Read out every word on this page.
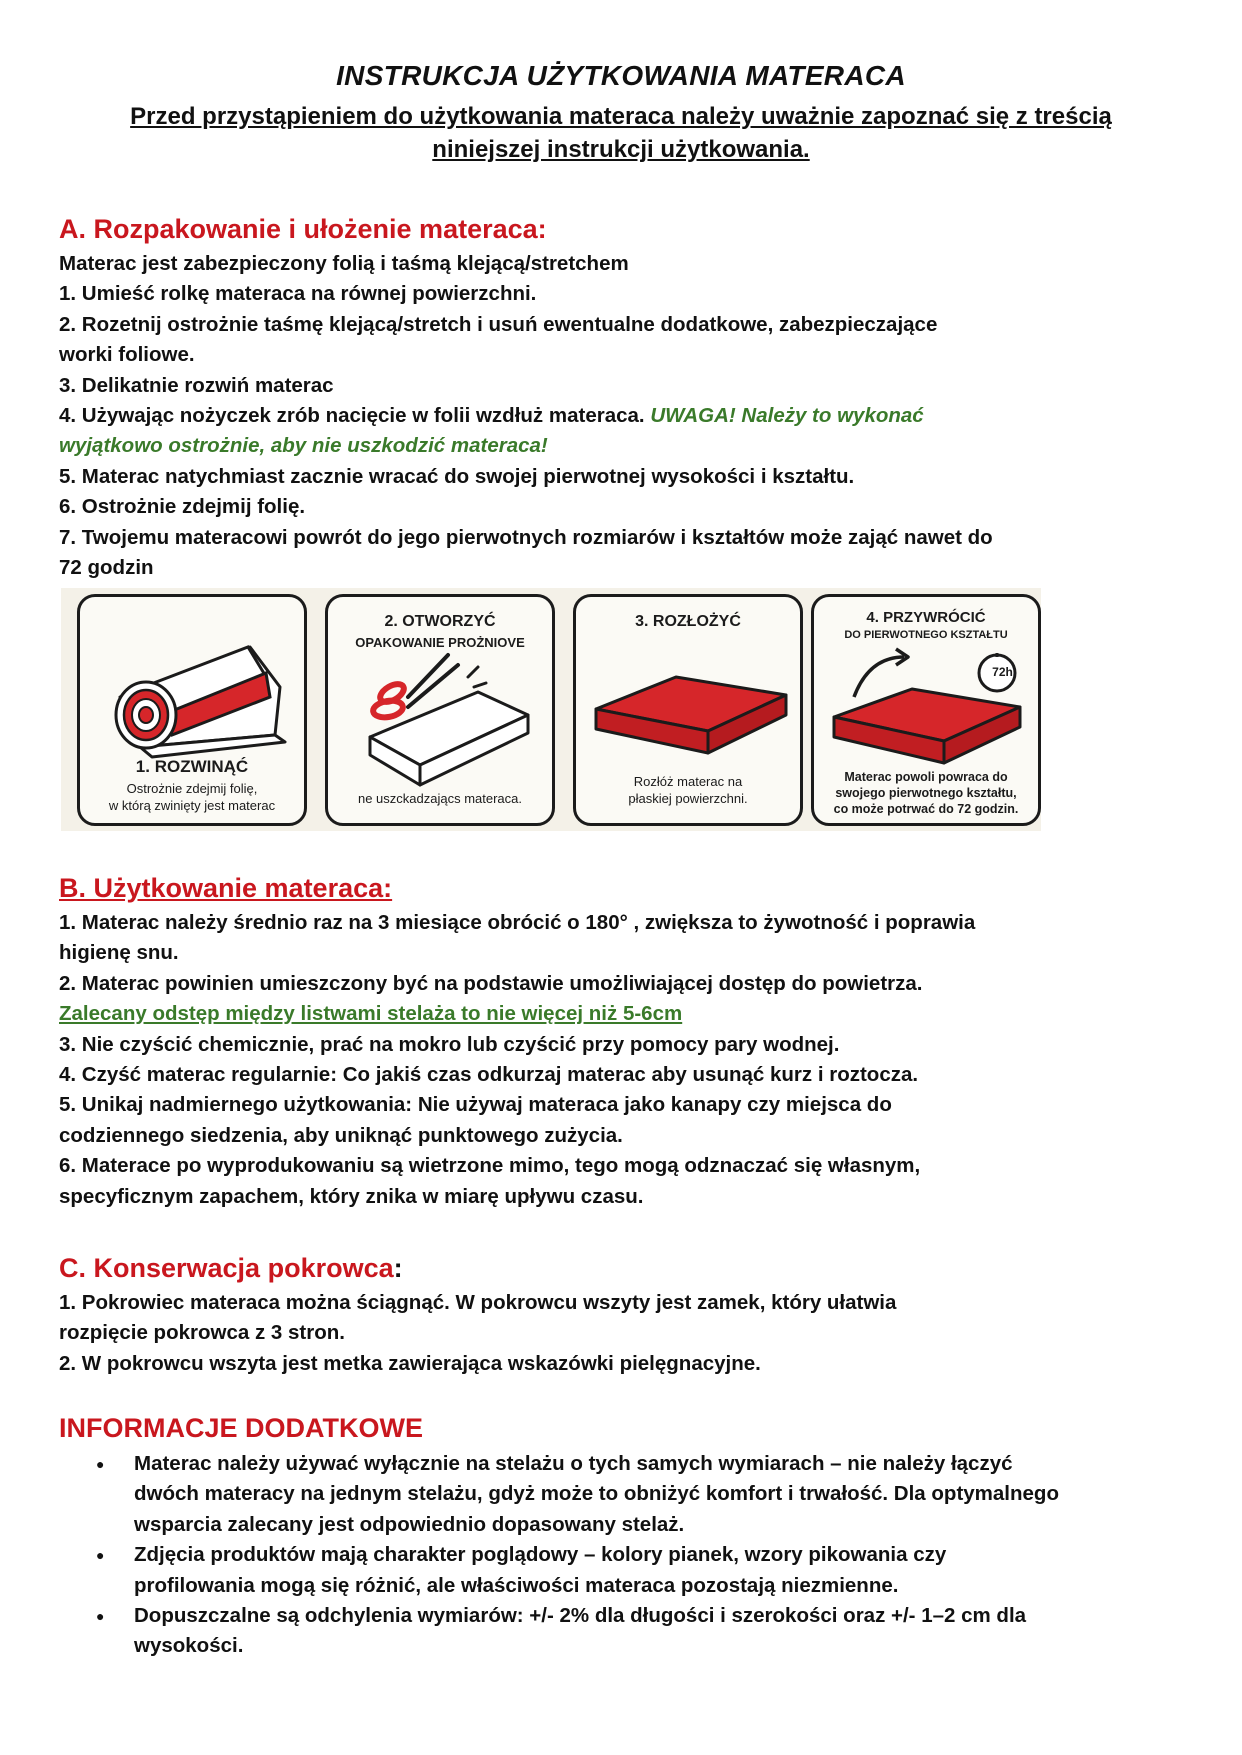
INSTRUKCJA UŻYTKOWANIA MATERACA
Przed przystąpieniem do użytkowania materaca należy uważnie zapoznać się z treścią
niniejszej instrukcji użytkowania.
A. Rozpakowanie i ułożenie materaca:

Materac jest zabezpieczony folią i taśmą klejącą/stretchem

1. Umieść rolkę materaca na równej powierzchni.

2. Rozetnij ostrożnie taśmę klejącą/stretch i usuń ewentualne dodatkowe, zabezpieczające

worki foliowe.

3. Delikatnie rozwiń materac

4. Używając nożyczek zrób nacięcie w folii wzdłuż materaca. UWAGA! Należy to wykonać

wyjątkowo ostrożnie, aby nie uszkodzić materaca!

5. Materac natychmiast zacznie wracać do swojej pierwotnej wysokości i kształtu.

6. Ostrożnie zdejmij folię.

7. Twojemu materacowi powrót do jego pierwotnych rozmiarów i kształtów może zająć nawet do

72 godzin

1. ROZWINĄĆ
Ostrożnie zdejmij folię,
w którą zwinięty jest materac
2. OTWORZYĆ
OPAKOWANIE PROŻNIOVE
ne uszckadzającs materaca.
3. ROZŁOŻYĆ
Rozłóż materac na
płaskiej powierzchni.
4. PRZYWRÓCIĆ
DO PIERWOTNEGO KSZTAŁTU
72h
Materac powoli powraca do
swojego pierwotnego kształtu,
co może potrwać do 72 godzin.
B. Użytkowanie materaca:

1. Materac należy średnio raz na 3 miesiące obrócić o 180° , zwiększa to żywotność i poprawia

higienę snu.

2. Materac powinien umieszczony być na podstawie umożliwiającej dostęp do powietrza.

Zalecany odstęp między listwami stelaża to nie więcej niż 5-6cm

3. Nie czyścić chemicznie, prać na mokro lub czyścić przy pomocy pary wodnej.

4. Czyść materac regularnie: Co jakiś czas odkurzaj materac aby usunąć kurz i roztocza.

5. Unikaj nadmiernego użytkowania: Nie używaj materaca jako kanapy czy miejsca do

codziennego siedzenia, aby uniknąć punktowego zużycia.

6. Materace po wyprodukowaniu są wietrzone mimo, tego mogą odznaczać się własnym,

specyficznym zapachem, który znika w miarę upływu czasu.

C. Konserwacja pokrowca:

1. Pokrowiec materaca można ściągnąć. W pokrowcu wszyty jest zamek, który ułatwia

rozpięcie pokrowca z 3 stron.

2. W pokrowcu wszyta jest metka zawierająca wskazówki pielęgnacyjne.

INFORMACJE DODATKOWE
● Materac należy używać wyłącznie na stelażu o tych samych wymiarach – nie należy łączyć
dwóch materacy na jednym stelażu, gdyż może to obniżyć komfort i trwałość. Dla optymalnego
wsparcia zalecany jest odpowiednio dopasowany stelaż.
● Zdjęcia produktów mają charakter poglądowy – kolory pianek, wzory pikowania czy
profilowania mogą się różnić, ale właściwości materaca pozostają niezmienne.
● Dopuszczalne są odchylenia wymiarów: +/- 2% dla długości i szerokości oraz +/- 1–2 cm dla
wysokości.
